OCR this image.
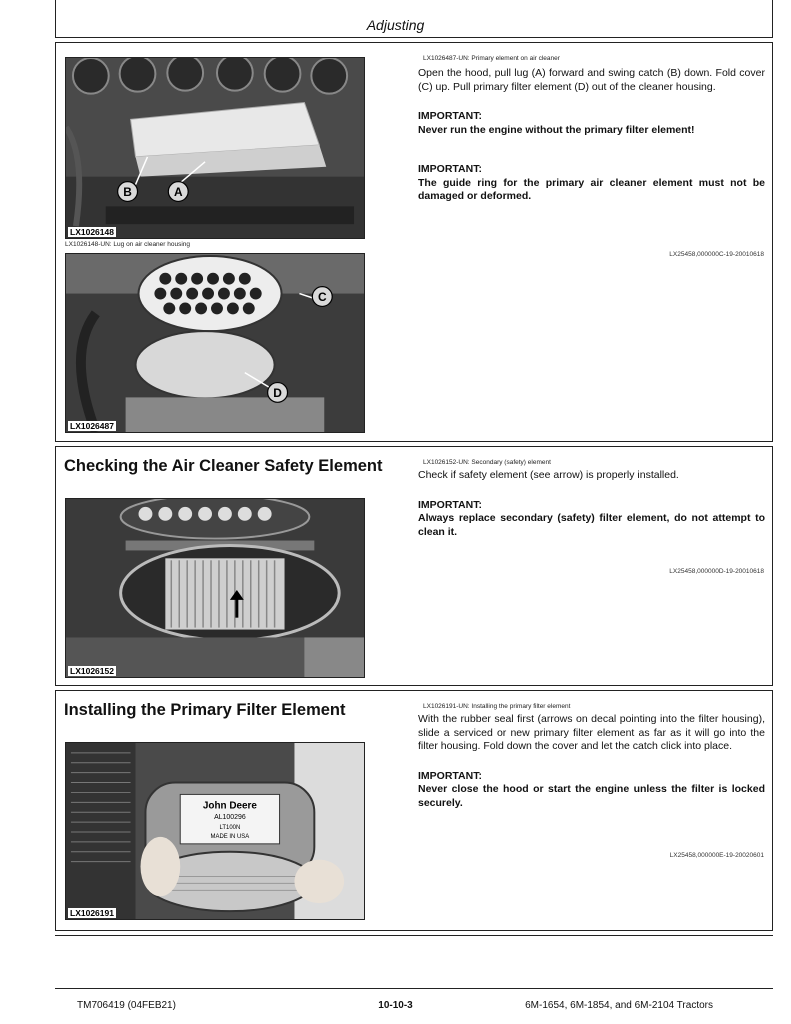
Adjusting
B	A
LX1026148
LX1026148-UN: Lug on air cleaner housing
C
D
LX1026487
LX1026487-UN: Primary element on air cleaner

Open the hood, pull lug (A) forward and swing catch (B) down. Fold cover (C) up. Pull primary filter element (D) out of the cleaner housing.

IMPORTANT:

Never run the engine without the primary filter element!

IMPORTANT:

The guide ring for the primary air cleaner element must not be damaged or deformed.

LX25458,000000C-19-20010618
Checking the Air Cleaner Safety Element
LX1026152
LX1026152-UN: Secondary (safety) element

Check if safety element (see arrow) is properly installed.

IMPORTANT:

Always replace secondary (safety) filter element, do not attempt to clean it.

LX25458,000000D-19-20010618
Installing the Primary Filter Element
John Deere
AL100296
LT100N
MADE IN USA
LX1026191
LX1026191-UN: Installing the primary filter element

With the rubber seal first (arrows on decal pointing into the filter housing), slide a serviced or new primary filter element as far as it will go into the filter housing. Fold down the cover and let the catch click into place.

IMPORTANT:

Never close the hood or start the engine unless the filter is locked securely.

LX25458,000000E-19-20020601
TM706419 (04FEB21)	10-10-3	6M-1654, 6M-1854, and 6M-2104 Tractors
